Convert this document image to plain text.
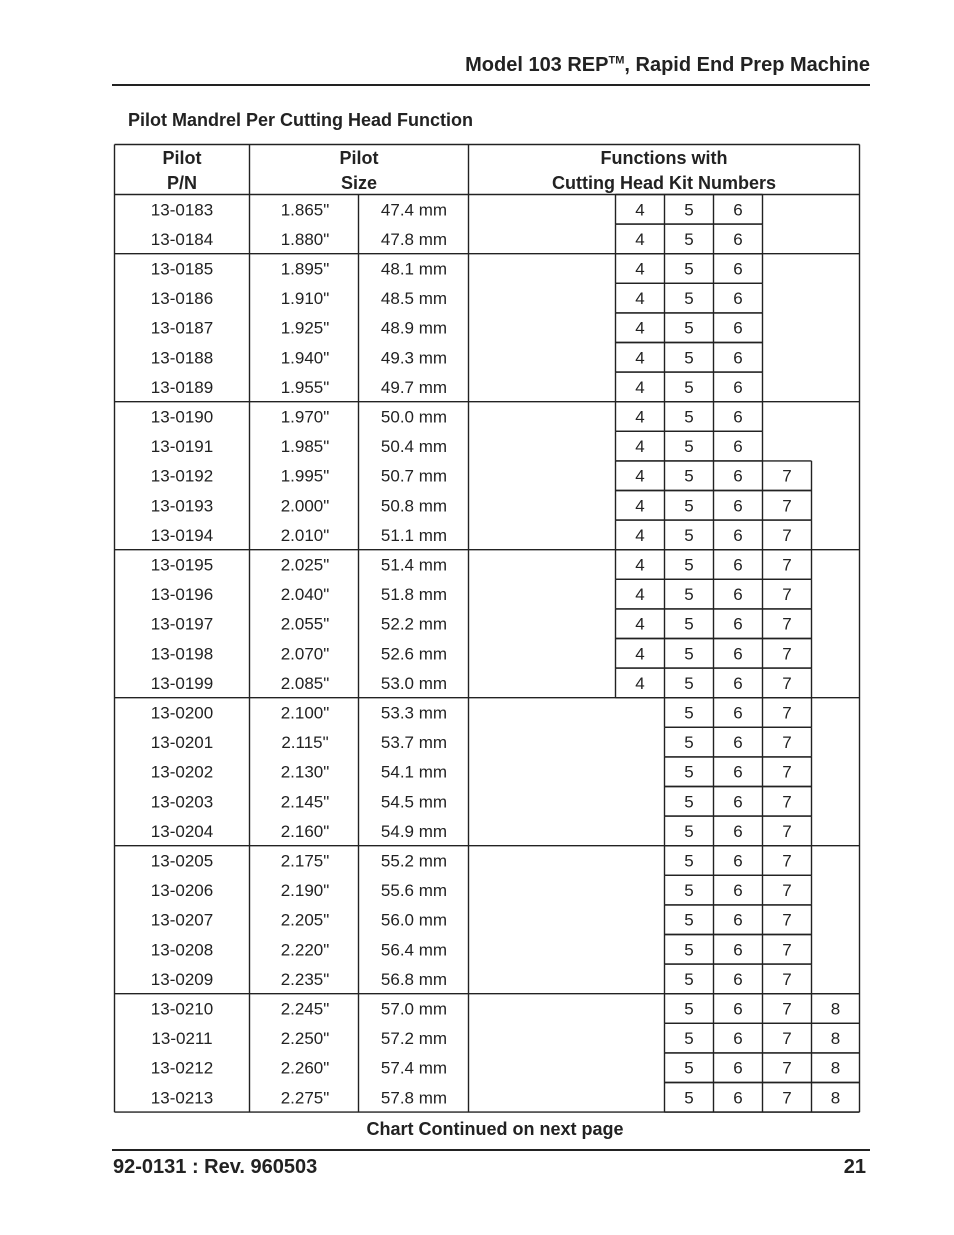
Model 103 REP™, Rapid End Prep Machine
Pilot Mandrel Per Cutting Head Function
Pilot
P/N
Pilot
Size
Functions with
Cutting Head Kit Numbers
13-0183	1.865"	47.4 mm	4 5 6
13-0184	1.880"	47.8 mm	4 5 6
13-0185	1.895"	48.1 mm	4 5 6
13-0186	1.910"	48.5 mm	4 5 6
13-0187	1.925"	48.9 mm	4 5 6
13-0188	1.940"	49.3 mm	4 5 6
13-0189	1.955"	49.7 mm	4 5 6
13-0190	1.970"	50.0 mm	4 5 6
13-0191	1.985"	50.4 mm	4 5 6
13-0192	1.995"	50.7 mm	4 5 6 7
13-0193	2.000"	50.8 mm	4 5 6 7
13-0194	2.010"	51.1 mm	4 5 6 7
13-0195	2.025"	51.4 mm	4 5 6 7
13-0196	2.040"	51.8 mm	4 5 6 7
13-0197	2.055"	52.2 mm	4 5 6 7
13-0198	2.070"	52.6 mm	4 5 6 7
13-0199	2.085"	53.0 mm	4 5 6 7
13-0200	2.100"	53.3 mm	5 6 7
13-0201	2.115"	53.7 mm	5 6 7
13-0202	2.130"	54.1 mm	5 6 7
13-0203	2.145"	54.5 mm	5 6 7
13-0204	2.160"	54.9 mm	5 6 7
13-0205	2.175"	55.2 mm	5 6 7
13-0206	2.190"	55.6 mm	5 6 7
13-0207	2.205"	56.0 mm	5 6 7
13-0208	2.220"	56.4 mm	5 6 7
13-0209	2.235"	56.8 mm	5 6 7
13-0210	2.245"	57.0 mm	5 6 7 8
13-0211	2.250"	57.2 mm	5 6 7 8
13-0212	2.260"	57.4 mm	5 6 7 8
13-0213	2.275"	57.8 mm	5 6 7 8
Chart Continued on next page
92-0131 : Rev. 960503	21
